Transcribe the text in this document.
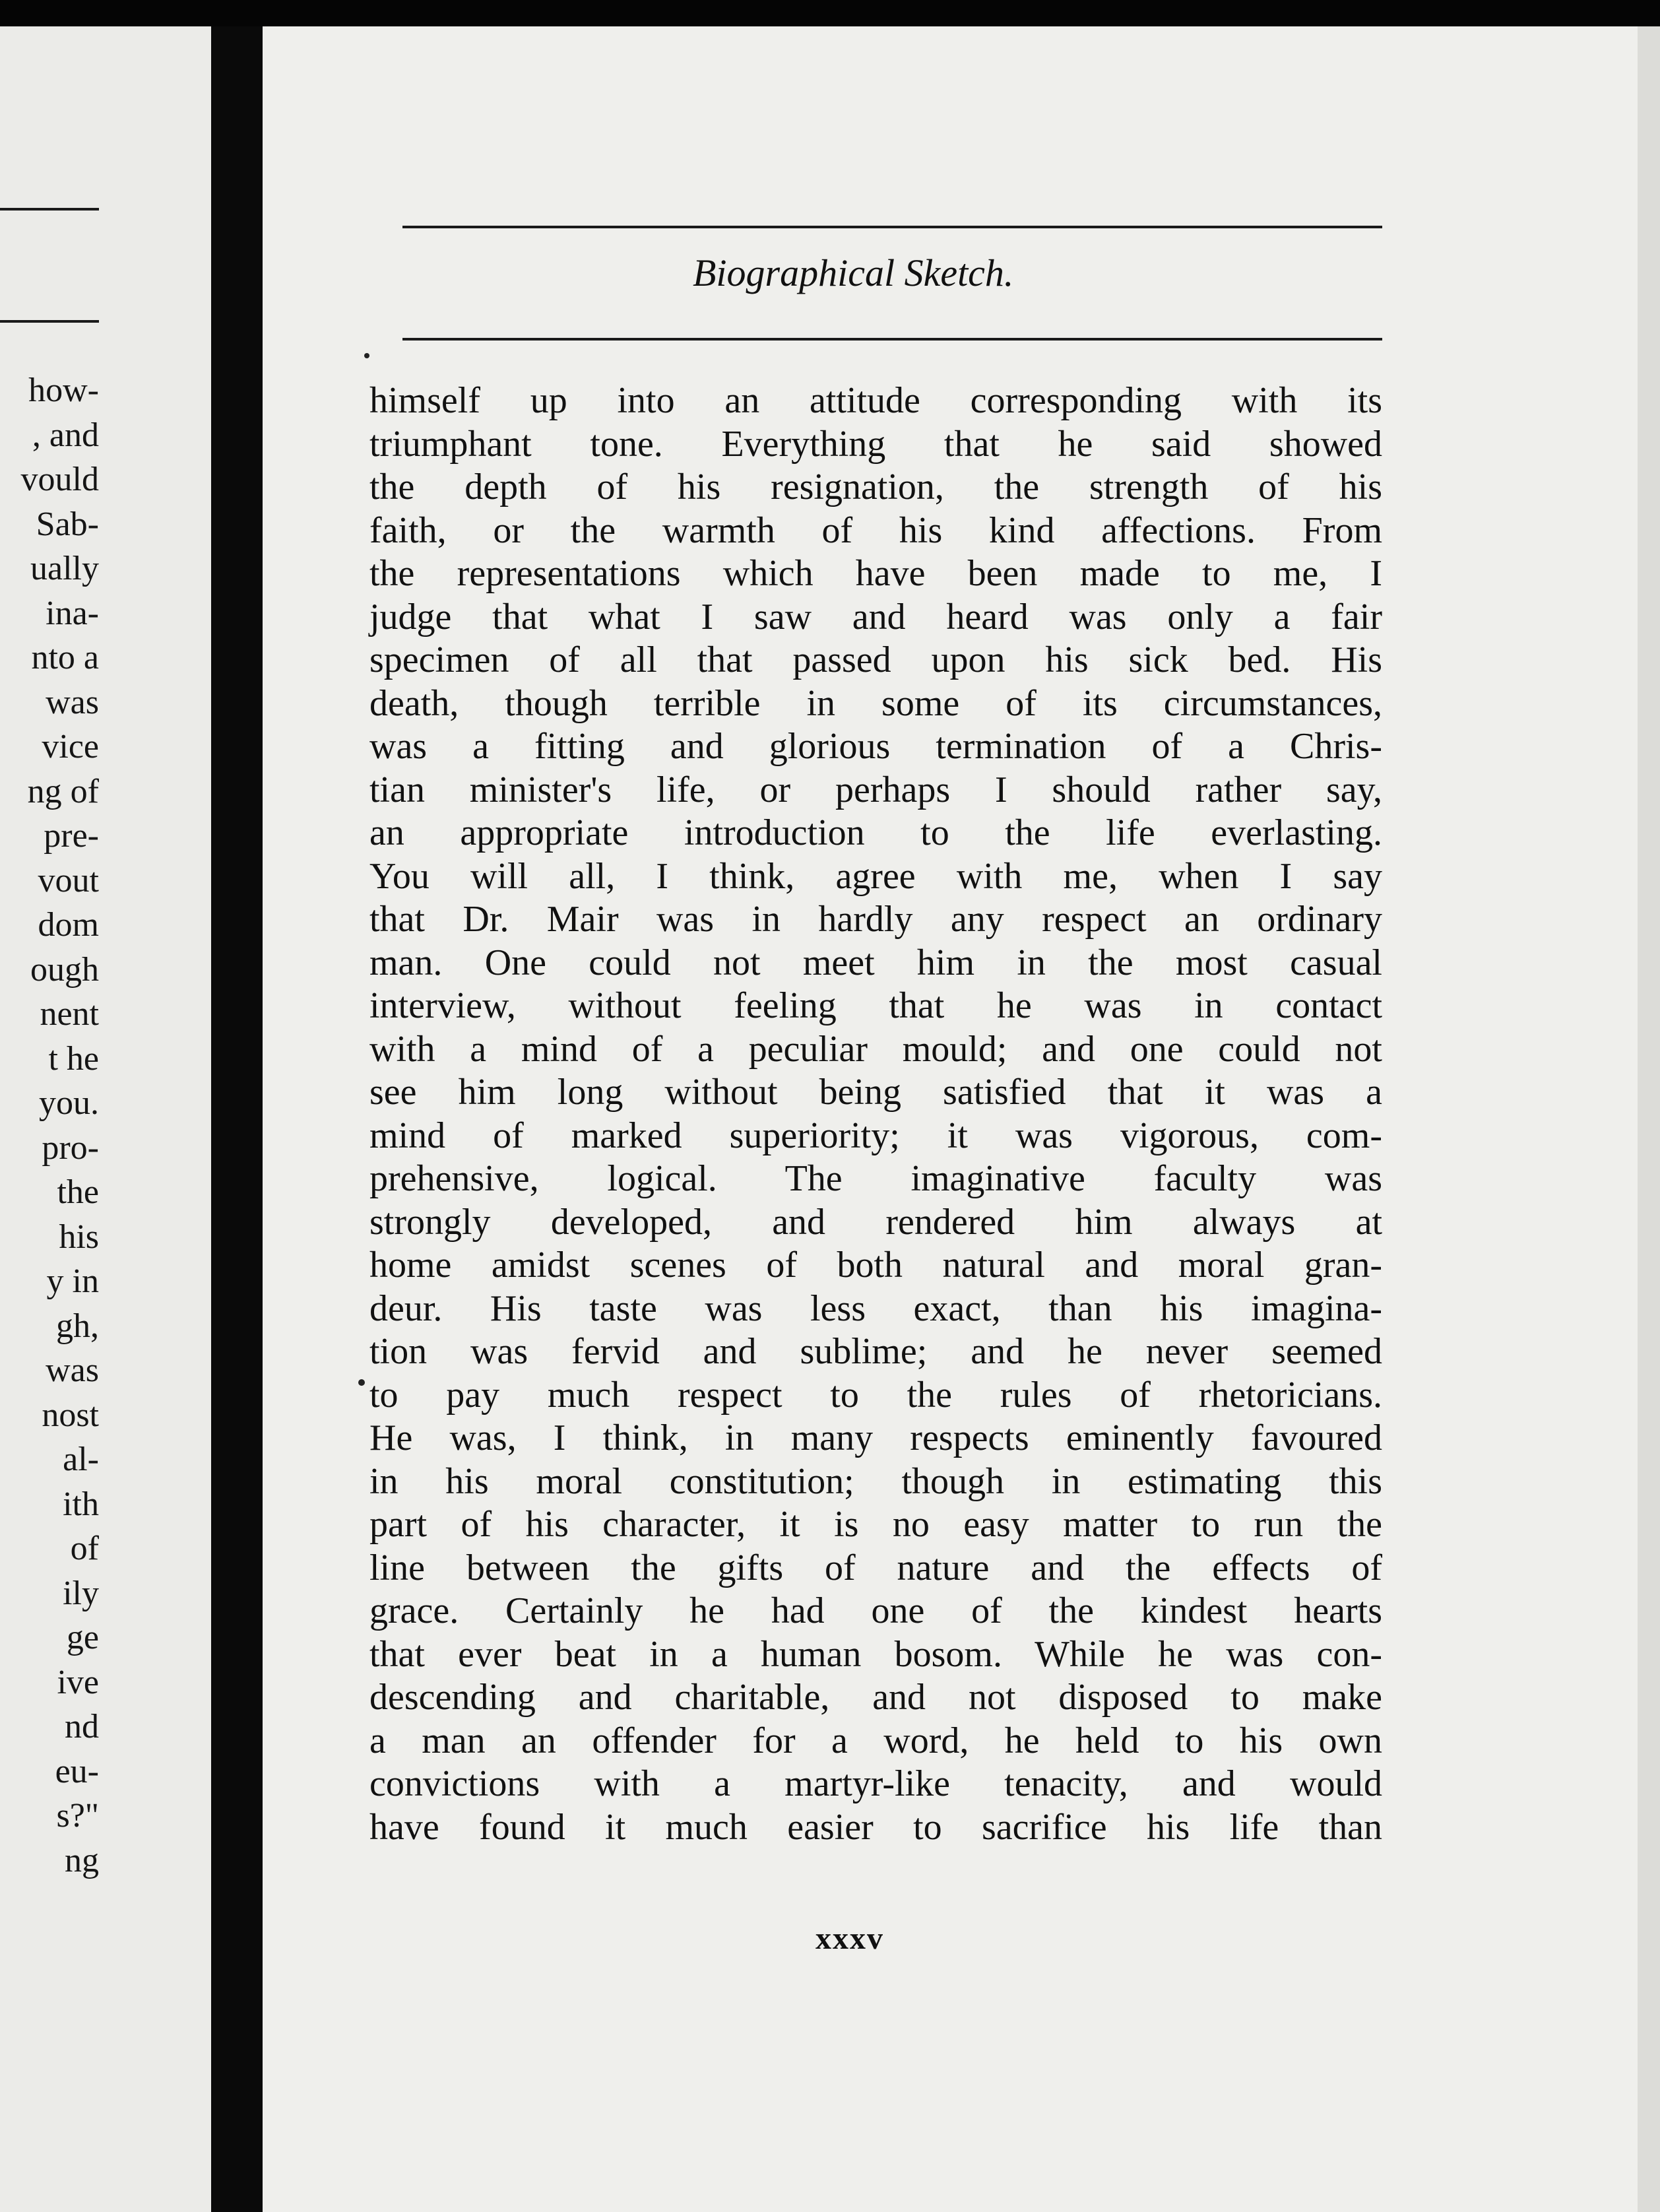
how-
, and
vould
Sab-
ually
ina-
nto a
was
vice
ng of
pre-
vout
dom
ough
nent
t he
you.
pro-
the
his
y in
gh,
was
nost
al-
ith
of
ily
ge
ive
nd
eu-
s?"
ng
Biographical Sketch.
himself up into an attitude corresponding with its
triumphant tone. Everything that he said showed
the depth of his resignation, the strength of his
faith, or the warmth of his kind affections. From
the representations which have been made to me, I
judge that what I saw and heard was only a fair
specimen of all that passed upon his sick bed. His
death, though terrible in some of its circumstances,
was a fitting and glorious termination of a Chris-
tian minister's life, or perhaps I should rather say,
an appropriate introduction to the life everlasting.
You will all, I think, agree with me, when I say
that Dr. Mair was in hardly any respect an ordinary
man. One could not meet him in the most casual
interview, without feeling that he was in contact
with a mind of a peculiar mould; and one could not
see him long without being satisfied that it was a
mind of marked superiority; it was vigorous, com-
prehensive, logical. The imaginative faculty was
strongly developed, and rendered him always at
home amidst scenes of both natural and moral gran-
deur. His taste was less exact, than his imagina-
tion was fervid and sublime; and he never seemed
to pay much respect to the rules of rhetoricians.
He was, I think, in many respects eminently favoured
in his moral constitution; though in estimating this
part of his character, it is no easy matter to run the
line between the gifts of nature and the effects of
grace. Certainly he had one of the kindest hearts
that ever beat in a human bosom. While he was con-
descending and charitable, and not disposed to make
a man an offender for a word, he held to his own
convictions with a martyr-like tenacity, and would
have found it much easier to sacrifice his life than
xxxv
